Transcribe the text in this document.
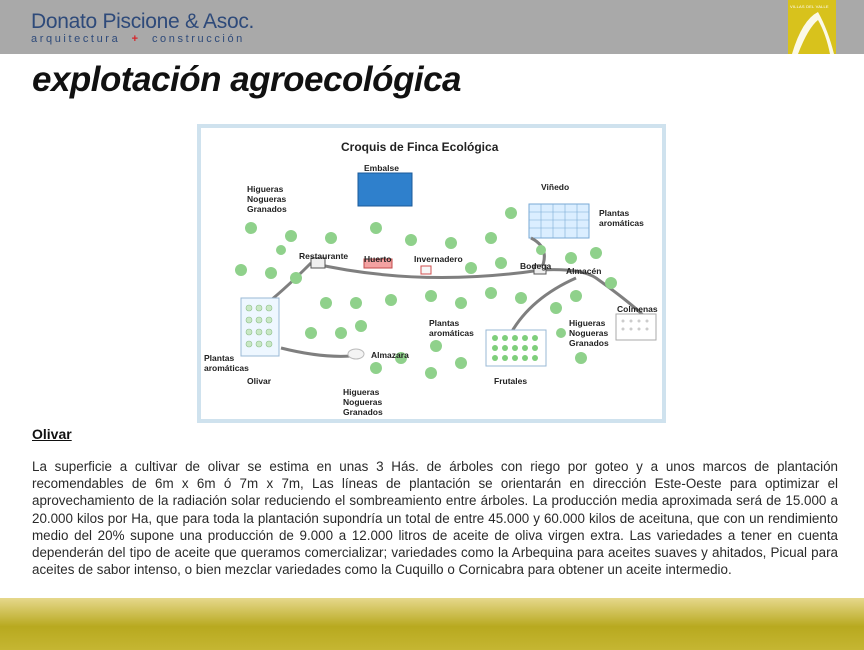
Donato Piscione & Asoc.
arquitectura + construcción
VILLAS DEL VALLE
explotación agroecológica
Croquis de Finca Ecológica
Embalse
Viñedo
Higueras
Nogueras
Granados	Plantas
aromáticas
Restaurante Huerto	Invernadero
Bodega Almacén
Colmenas
Higueras
Nogueras
Granados
Plantas
aromáticas
Plantas
aromáticas
Olivar
Almazara
Higueras
Nogueras
Granados
Frutales
Olivar
La superficie a cultivar de olivar se estima en unas 3 Hás. de árboles con riego por goteo y a unos marcos de plantación recomendables de 6m x 6m ó 7m x 7m, Las líneas de plantación se orientarán en dirección Este-Oeste para optimizar el aprovechamiento de la radiación solar reduciendo el sombreamiento entre árboles. La producción media aproximada será de 15.000 a 20.000 kilos por Ha, que para toda la plantación supondría un total de entre 45.000 y 60.000 kilos de aceituna, que con un rendimiento medio del 20% supone una producción de 9.000 a 12.000 litros de aceite de oliva virgen extra. Las variedades a tener en cuenta dependerán del tipo de aceite que queramos comercializar; variedades como la Arbequina para aceites suaves y ahitados, Picual para aceites de sabor intenso, o bien mezclar variedades como la Cuquillo o Cornicabra para obtener un aceite intermedio.
